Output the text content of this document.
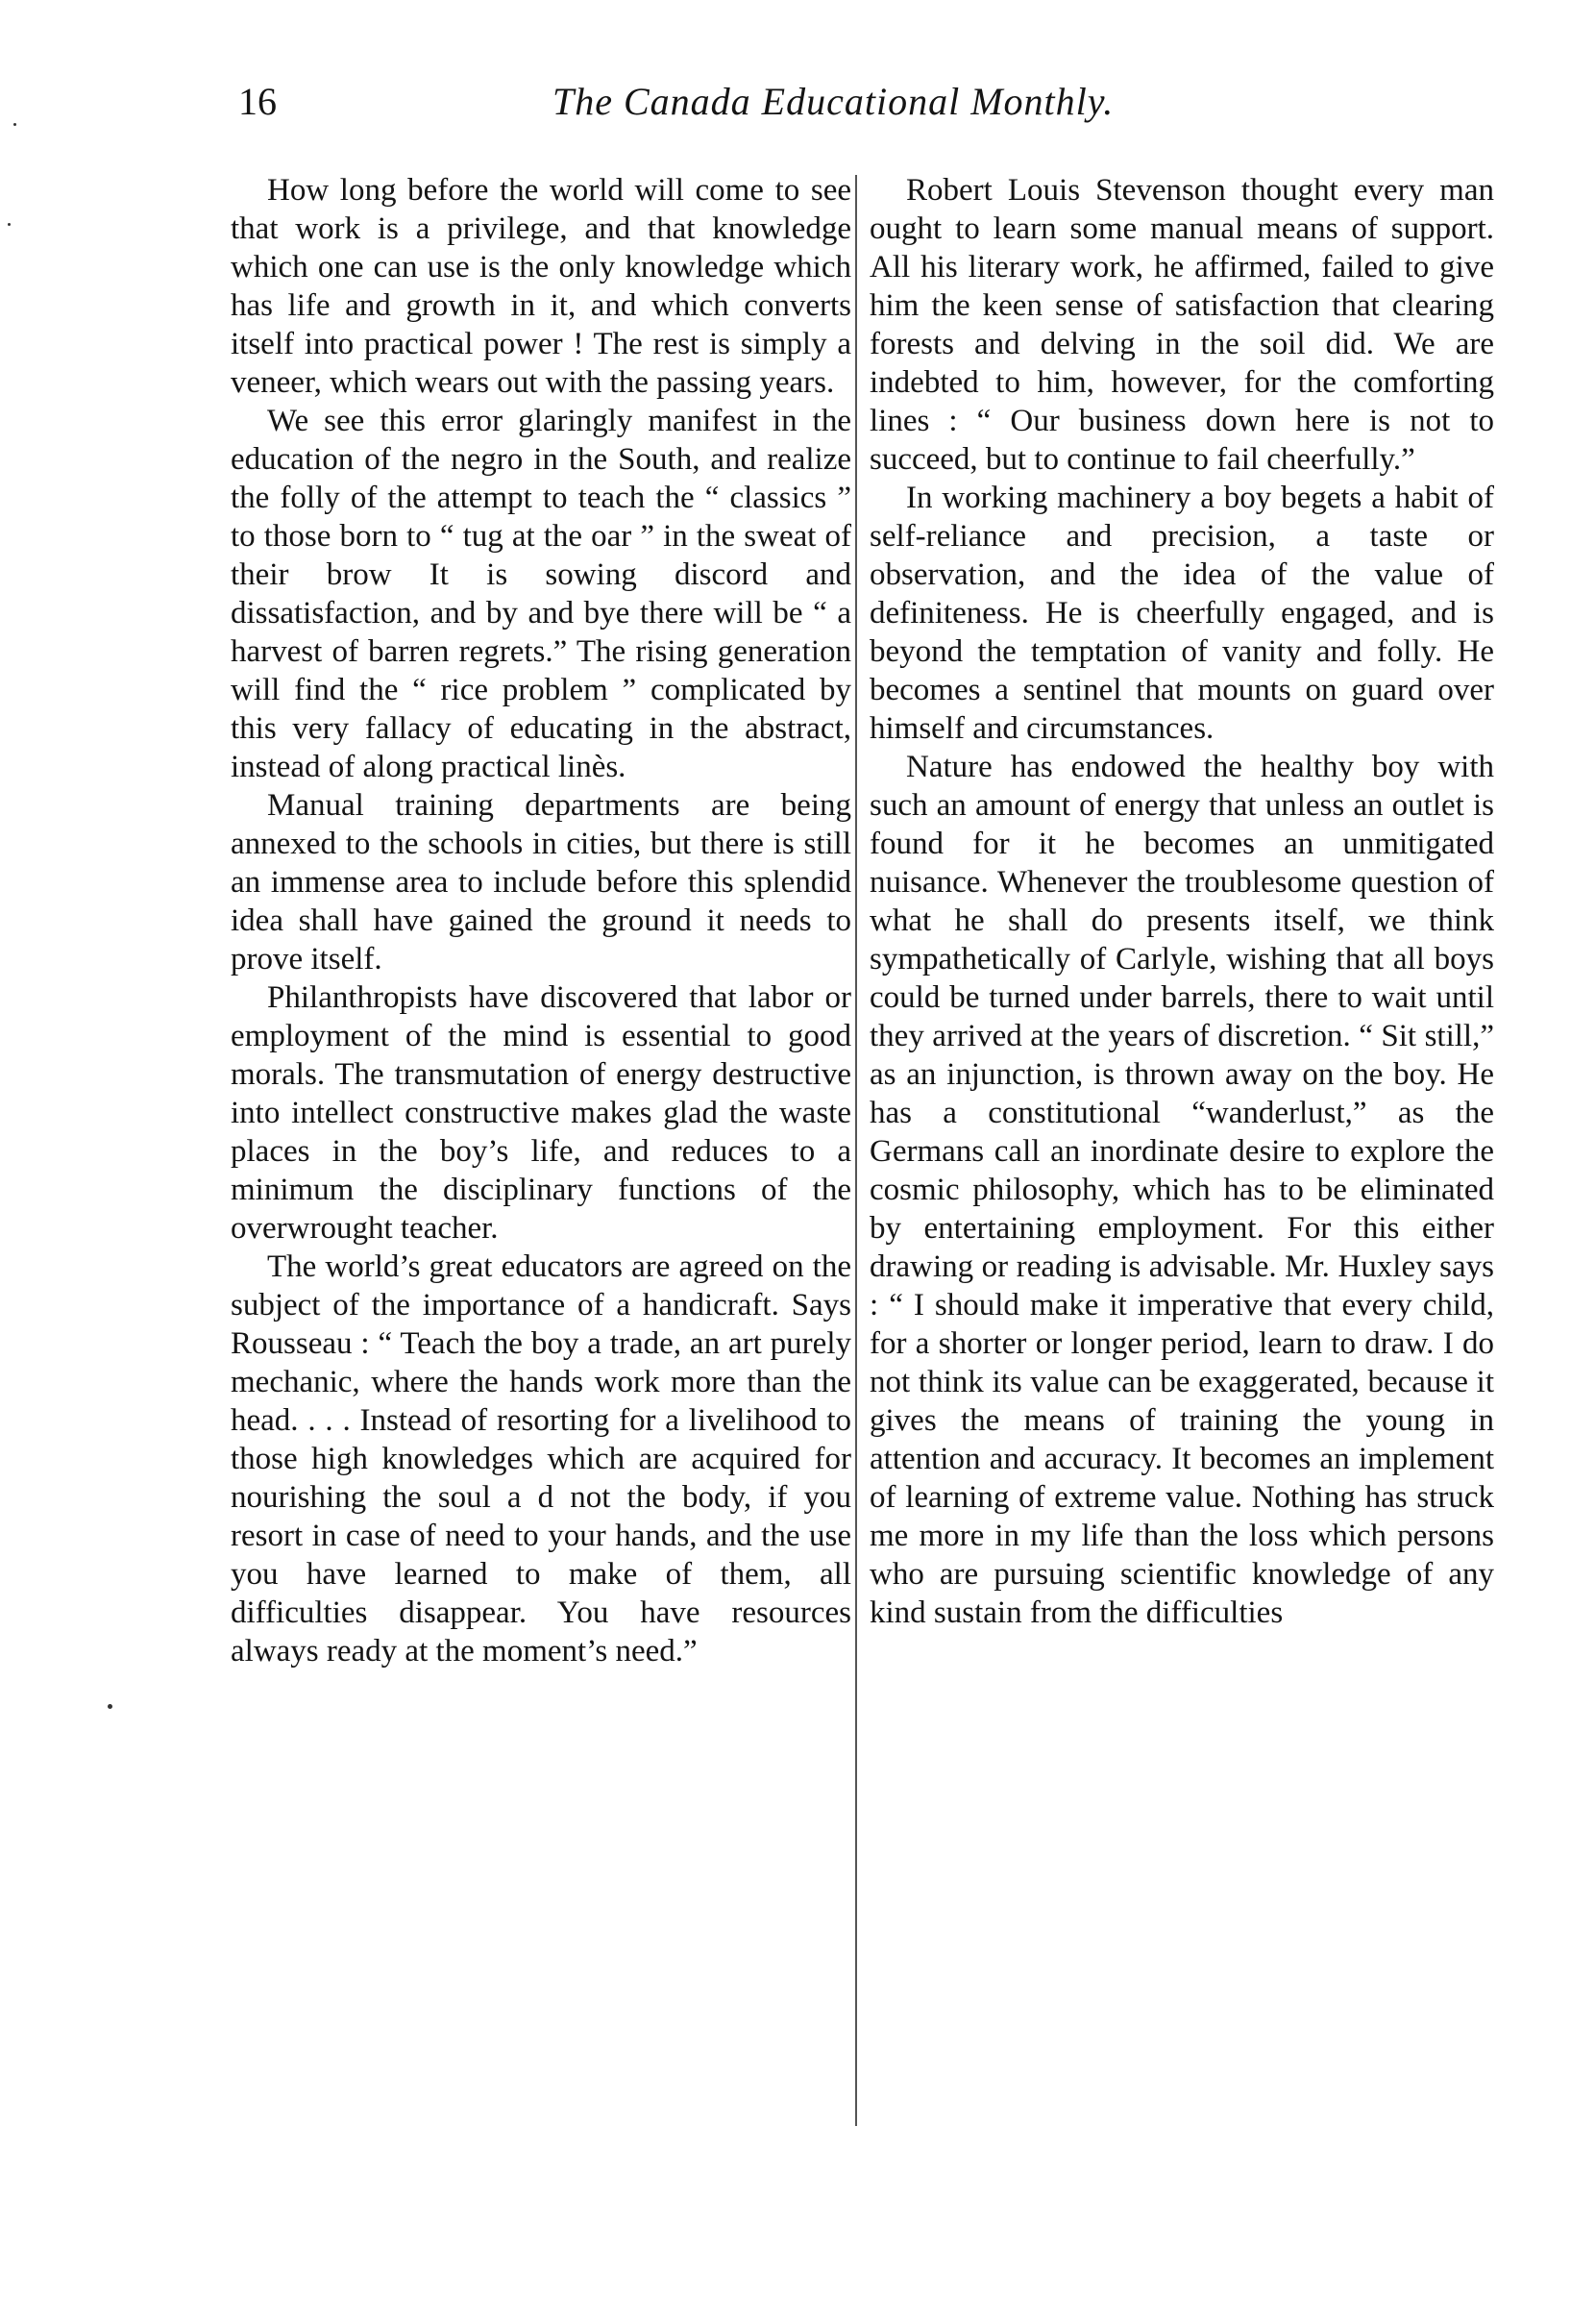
16	The Canada Educational Monthly.

How long before the world will come to see that work is a privilege, and that knowledge which one can use is the only knowledge which has life and growth in it, and which converts itself into practical power ! The rest is simply a veneer, which wears out with the passing years.

We see this error glaringly manifest in the education of the negro in the South, and realize the folly of the attempt to teach the “ classics ” to those born to “ tug at the oar ” in the sweat of their brow It is sowing discord and dissatisfaction, and by and bye there will be “ a harvest of barren regrets.” The rising generation will find the “ rice problem ” complicated by this very fallacy of educating in the abstract, instead of along practical linès.

Manual training departments are being annexed to the schools in cities, but there is still an immense area to include before this splendid idea shall have gained the ground it needs to prove itself.

Philanthropists have discovered that labor or employment of the mind is essential to good morals. The transmutation of energy destructive into intellect constructive makes glad the waste places in the boy’s life, and reduces to a minimum the disciplinary functions of the overwrought teacher.

The world’s great educators are agreed on the subject of the importance of a handicraft. Says Rousseau : “ Teach the boy a trade, an art purely mechanic, where the hands work more than the head. . . . Instead of resorting for a livelihood to those high knowledges which are acquired for nourishing the soul a d not the body, if you resort in case of need to your hands, and the use you have learned to make of them, all difficulties disappear. You have resources always ready at the moment’s need.”

Robert Louis Stevenson thought every man ought to learn some manual means of support. All his literary work, he affirmed, failed to give him the keen sense of satisfaction that clearing forests and delving in the soil did. We are indebted to him, however, for the comforting lines : “ Our business down here is not to succeed, but to continue to fail cheerfully.”

In working machinery a boy begets a habit of self-reliance and precision, a taste or observation, and the idea of the value of definiteness. He is cheerfully engaged, and is beyond the temptation of vanity and folly. He becomes a sentinel that mounts on guard over himself and circumstances.

Nature has endowed the healthy boy with such an amount of energy that unless an outlet is found for it he becomes an unmitigated nuisance. Whenever the troublesome question of what he shall do presents itself, we think sympathetically of Carlyle, wishing that all boys could be turned under barrels, there to wait until they arrived at the years of discretion. “ Sit still,” as an injunction, is thrown away on the boy. He has a constitutional “wanderlust,” as the Germans call an inordinate desire to explore the cosmic philosophy, which has to be eliminated by entertaining employment. For this either drawing or reading is advisable. Mr. Huxley says : “ I should make it imperative that every child, for a shorter or longer period, learn to draw. I do not think its value can be exaggerated, because it gives the means of training the young in attention and accuracy. It becomes an implement of learning of extreme value. Nothing has struck me more in my life than the loss which persons who are pursuing scientific knowledge of any kind sustain from the difficulties
